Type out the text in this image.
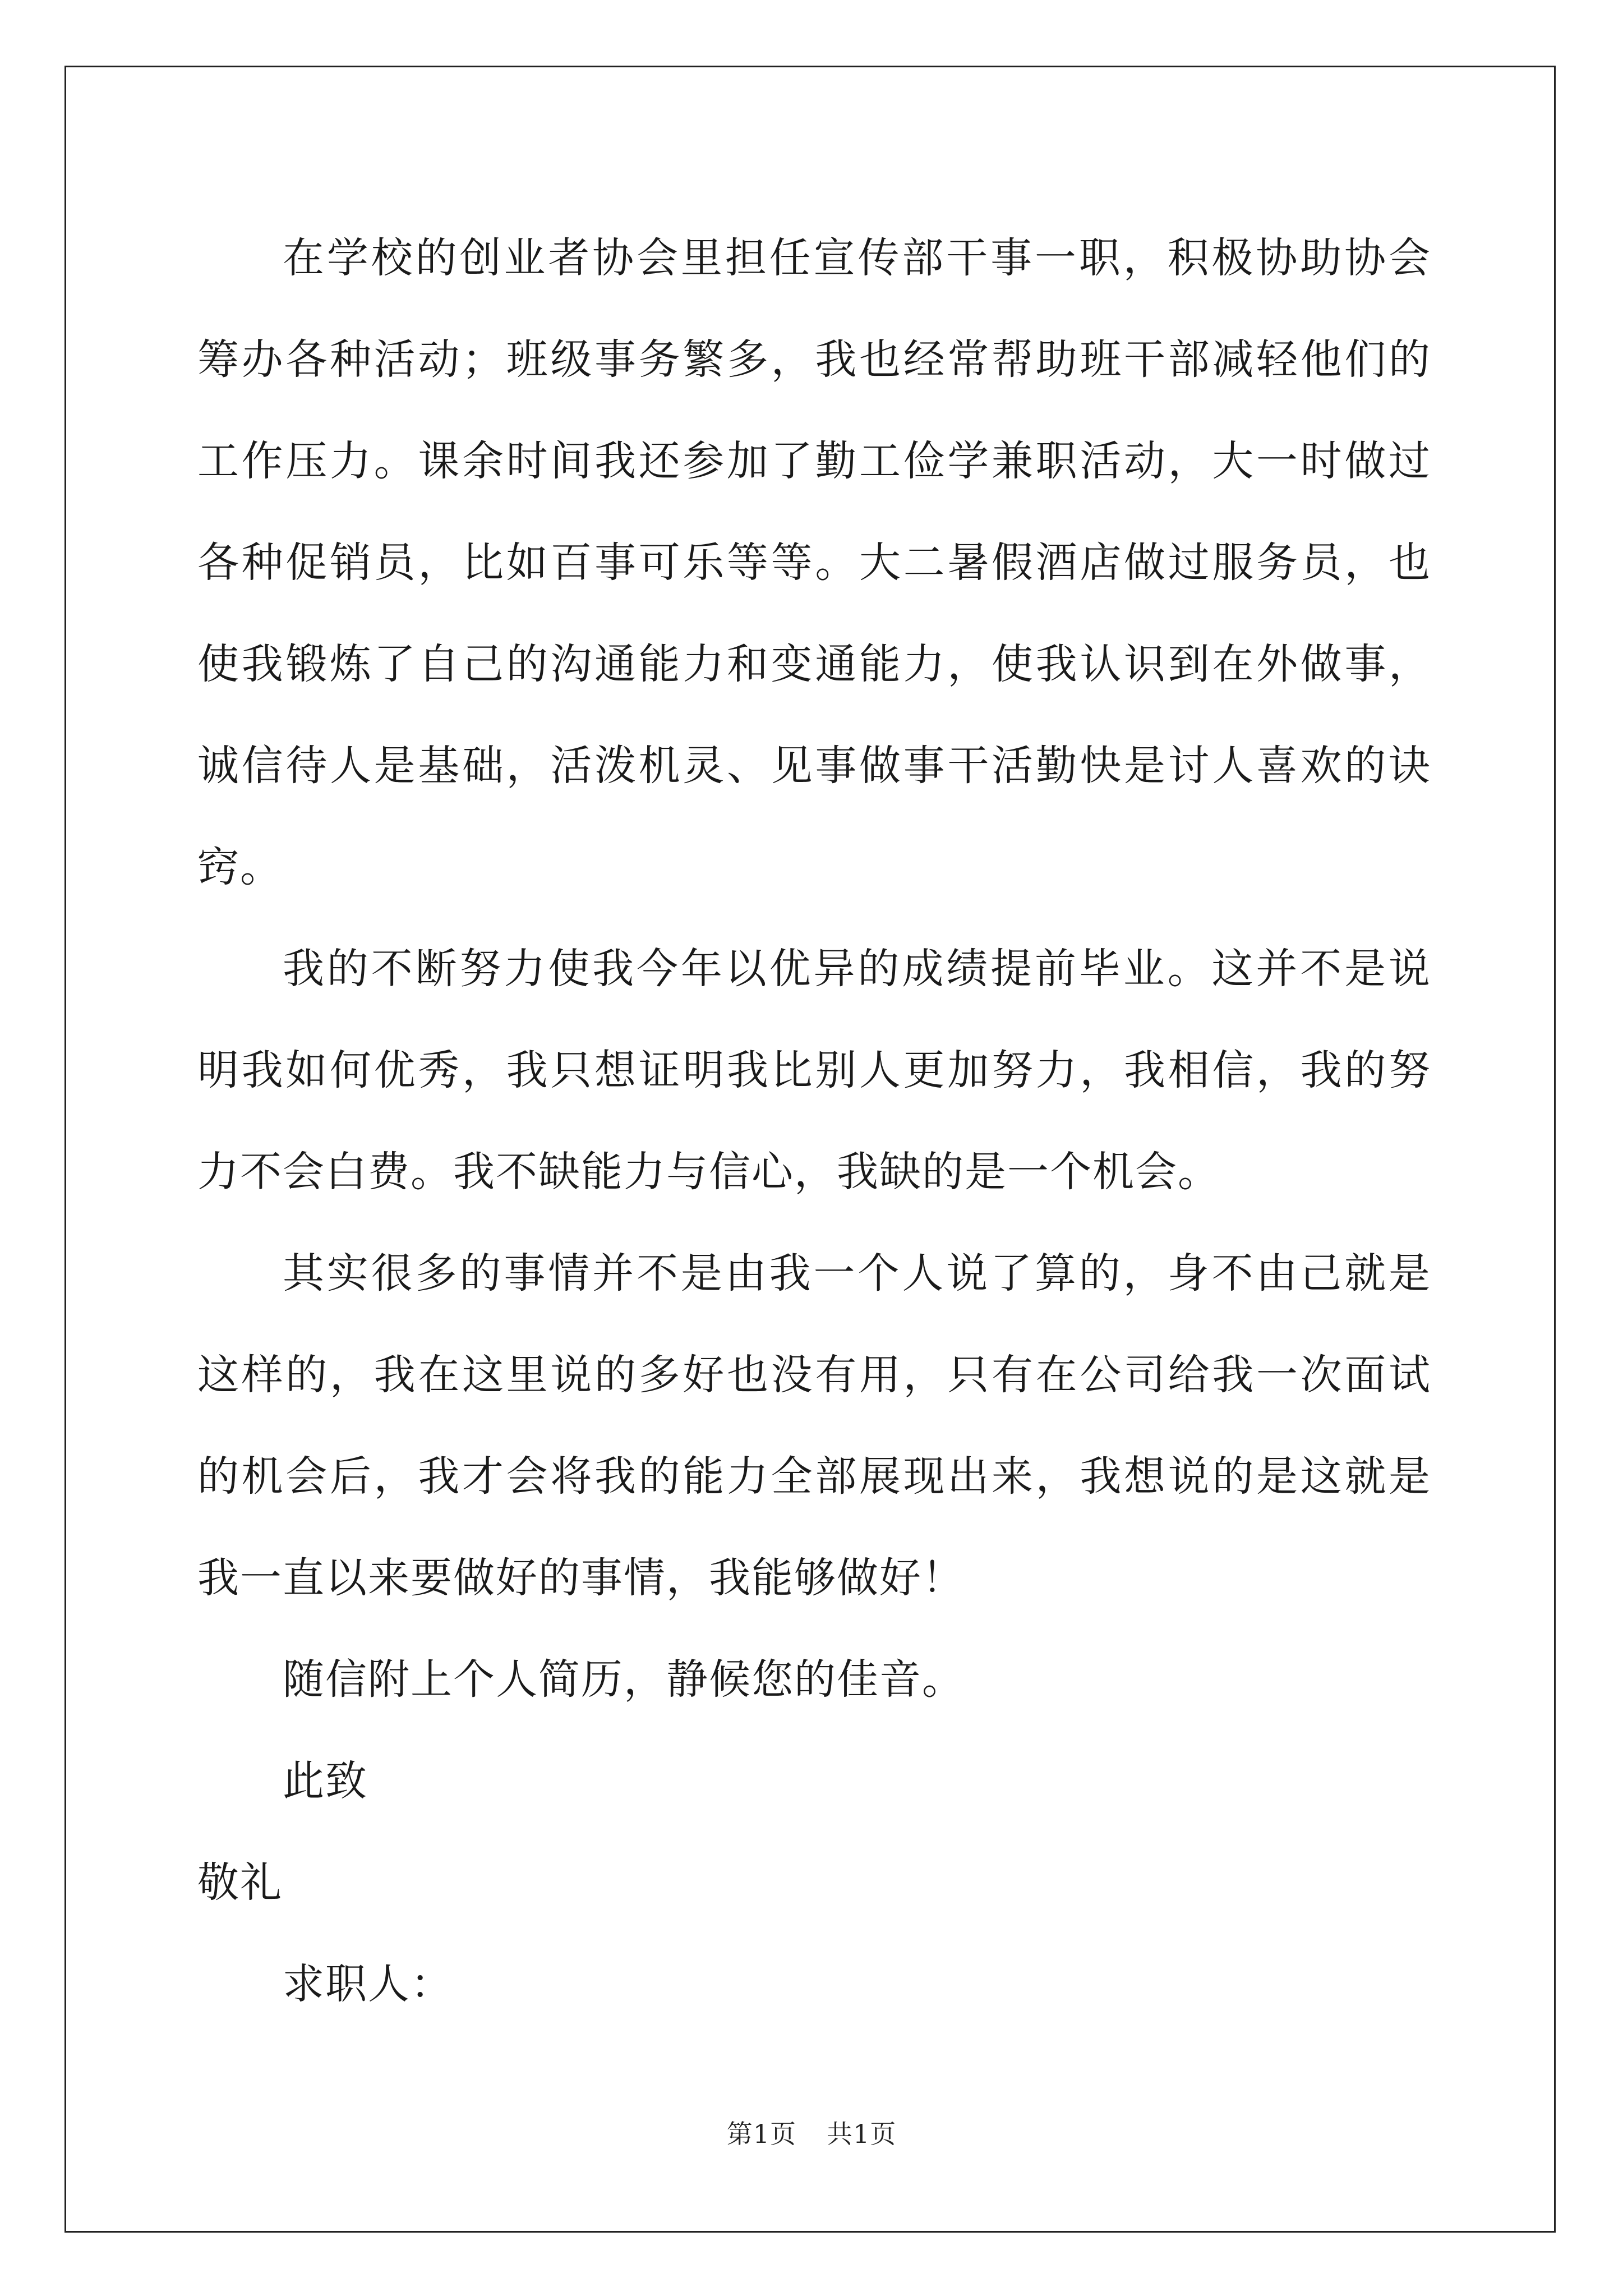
在学校的创业者协会里担任宣传部干事一职，积极协助协会筹办各种活动；班级事务繁多，我也经常帮助班干部减轻他们的工作压力。课余时间我还参加了勤工俭学兼职活动，大一时做过各种促销员，比如百事可乐等等。大二暑假酒店做过服务员，也使我锻炼了自己的沟通能力和变通能力，使我认识到在外做事，诚信待人是基础，活泼机灵、见事做事干活勤快是讨人喜欢的诀窍。

我的不断努力使我今年以优异的成绩提前毕业。这并不是说明我如何优秀，我只想证明我比别人更加努力，我相信，我的努力不会白费。我不缺能力与信心，我缺的是一个机会。

其实很多的事情并不是由我一个人说了算的，身不由己就是这样的，我在这里说的多好也没有用，只有在公司给我一次面试的机会后，我才会将我的能力全部展现出来，我想说的是这就是我一直以来要做好的事情，我能够做好！

随信附上个人简历，静候您的佳音。

此致

敬礼

求职人：

第1页 共1页
